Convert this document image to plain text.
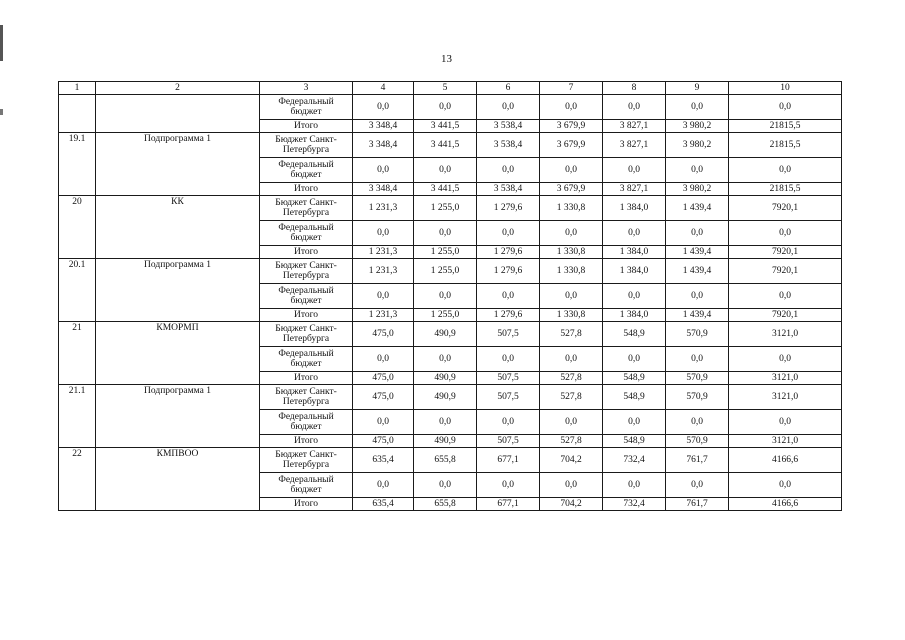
13
1	2	3	4	5	6	7	8	9	10
		Федеральный бюджет	0,0	0,0	0,0	0,0	0,0	0,0	0,0
		Итого	3 348,4	3 441,5	3 538,4	3 679,9	3 827,1	3 980,2	21815,5
19.1	Подпрограмма 1	Бюджет Санкт-Петербурга	3 348,4	3 441,5	3 538,4	3 679,9	3 827,1	3 980,2	21815,5
		Федеральный бюджет	0,0	0,0	0,0	0,0	0,0	0,0	0,0
		Итого	3 348,4	3 441,5	3 538,4	3 679,9	3 827,1	3 980,2	21815,5
20	КК	Бюджет Санкт-Петербурга	1 231,3	1 255,0	1 279,6	1 330,8	1 384,0	1 439,4	7920,1
		Федеральный бюджет	0,0	0,0	0,0	0,0	0,0	0,0	0,0
		Итого	1 231,3	1 255,0	1 279,6	1 330,8	1 384,0	1 439,4	7920,1
20.1	Подпрограмма 1	Бюджет Санкт-Петербурга	1 231,3	1 255,0	1 279,6	1 330,8	1 384,0	1 439,4	7920,1
		Федеральный бюджет	0,0	0,0	0,0	0,0	0,0	0,0	0,0
		Итого	1 231,3	1 255,0	1 279,6	1 330,8	1 384,0	1 439,4	7920,1
21	КМОРМП	Бюджет Санкт-Петербурга	475,0	490,9	507,5	527,8	548,9	570,9	3121,0
		Федеральный бюджет	0,0	0,0	0,0	0,0	0,0	0,0	0,0
		Итого	475,0	490,9	507,5	527,8	548,9	570,9	3121,0
21.1	Подпрограмма 1	Бюджет Санкт-Петербурга	475,0	490,9	507,5	527,8	548,9	570,9	3121,0
		Федеральный бюджет	0,0	0,0	0,0	0,0	0,0	0,0	0,0
		Итого	475,0	490,9	507,5	527,8	548,9	570,9	3121,0
22	КМПВОО	Бюджет Санкт-Петербурга	635,4	655,8	677,1	704,2	732,4	761,7	4166,6
		Федеральный бюджет	0,0	0,0	0,0	0,0	0,0	0,0	0,0
		Итого	635,4	655,8	677,1	704,2	732,4	761,7	4166,6
